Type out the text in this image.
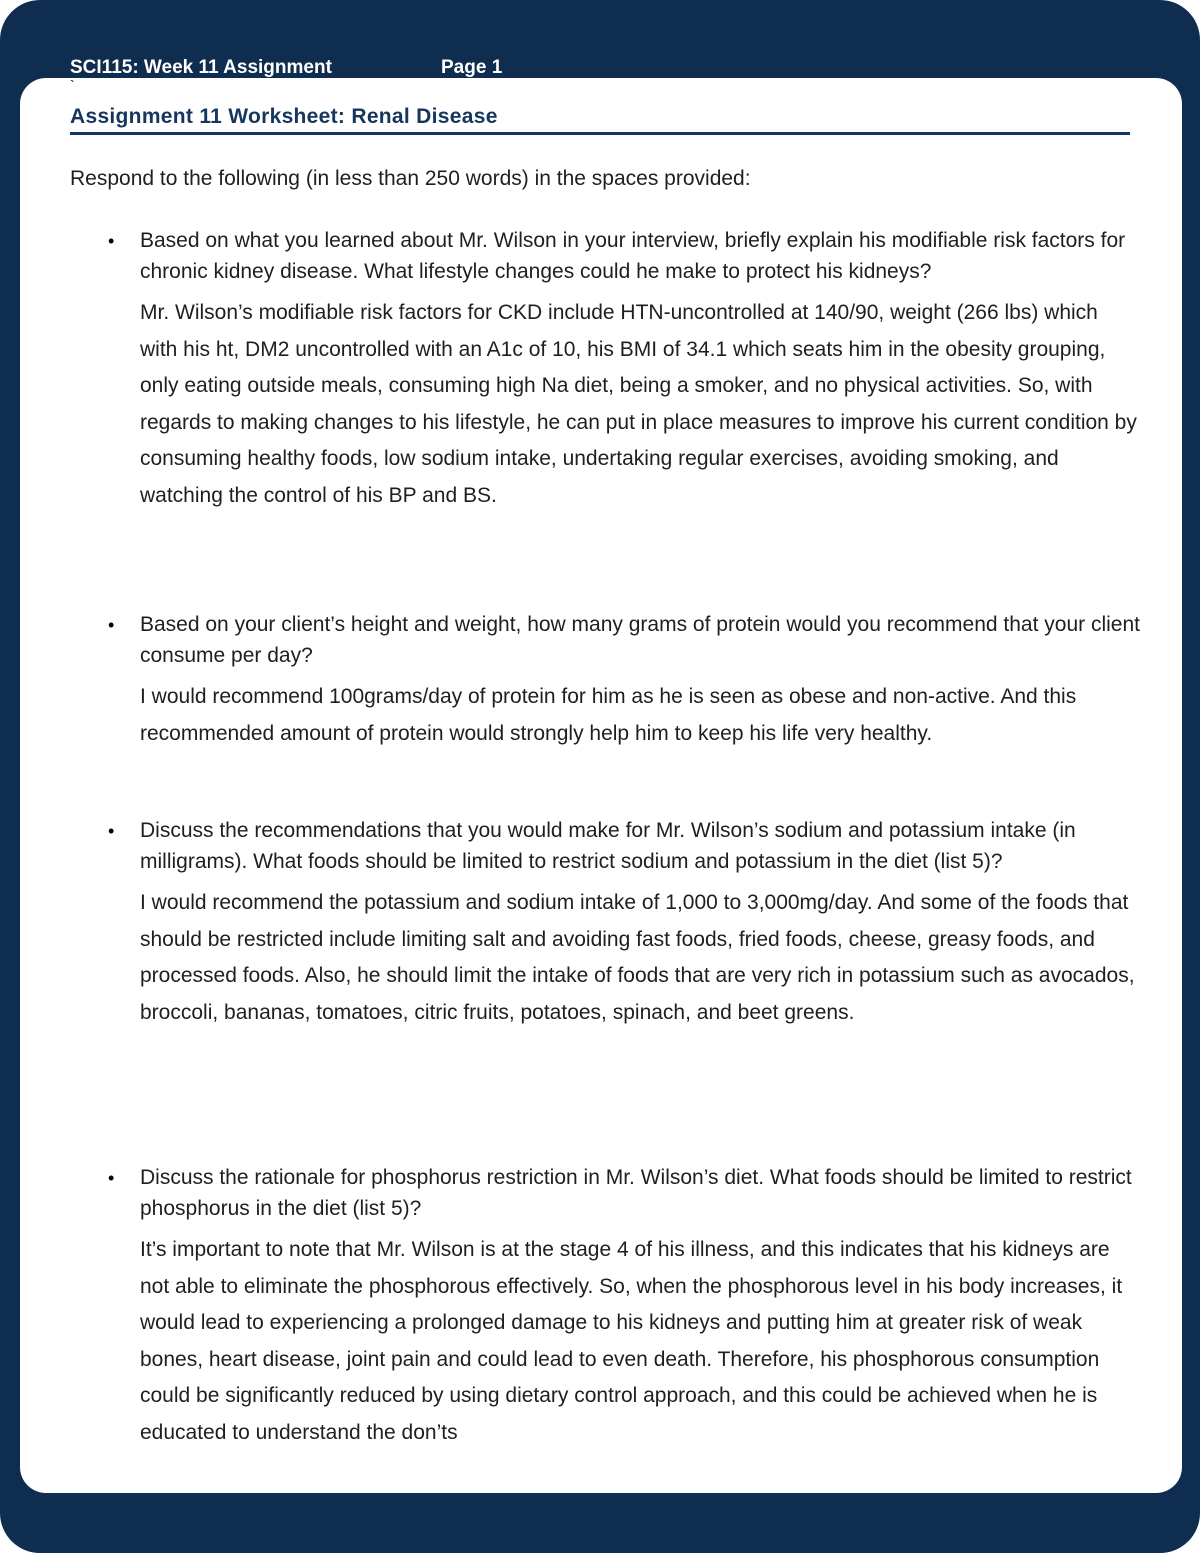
SCI115: Week 11 Assignment	Page 1
`
Assignment 11 Worksheet: Renal Disease
Respond to the following (in less than 250 words) in the spaces provided:
• Based on what you learned about Mr. Wilson in your interview, briefly explain his modifiable risk factors for chronic kidney disease. What lifestyle changes could he make to protect his kidneys?
Mr. Wilson’s modifiable risk factors for CKD include HTN-uncontrolled at 140/90, weight (266 lbs) which with his ht, DM2 uncontrolled with an A1c of 10, his BMI of 34.1 which seats him in the obesity grouping, only eating outside meals, consuming high Na diet, being a smoker, and no physical activities. So, with regards to making changes to his lifestyle, he can put in place measures to improve his current condition by consuming healthy foods, low sodium intake, undertaking regular exercises, avoiding smoking, and watching the control of his BP and BS.
• Based on your client’s height and weight, how many grams of protein would you recommend that your client consume per day?
I would recommend 100grams/day of protein for him as he is seen as obese and non-active. And this recommended amount of protein would strongly help him to keep his life very healthy.
• Discuss the recommendations that you would make for Mr. Wilson’s sodium and potassium intake (in milligrams). What foods should be limited to restrict sodium and potassium in the diet (list 5)?
I would recommend the potassium and sodium intake of 1,000 to 3,000mg/day. And some of the foods that should be restricted include limiting salt and avoiding fast foods, fried foods, cheese, greasy foods, and processed foods. Also, he should limit the intake of foods that are very rich in potassium such as avocados, broccoli, bananas, tomatoes, citric fruits, potatoes, spinach, and beet greens.
• Discuss the rationale for phosphorus restriction in Mr. Wilson’s diet. What foods should be limited to restrict phosphorus in the diet (list 5)?
It’s important to note that Mr. Wilson is at the stage 4 of his illness, and this indicates that his kidneys are not able to eliminate the phosphorous effectively. So, when the phosphorous level in his body increases, it would lead to experiencing a prolonged damage to his kidneys and putting him at greater risk of weak bones, heart disease, joint pain and could lead to even death. Therefore, his phosphorous consumption could be significantly reduced by using dietary control approach, and this could be achieved when he is educated to understand the don’ts
